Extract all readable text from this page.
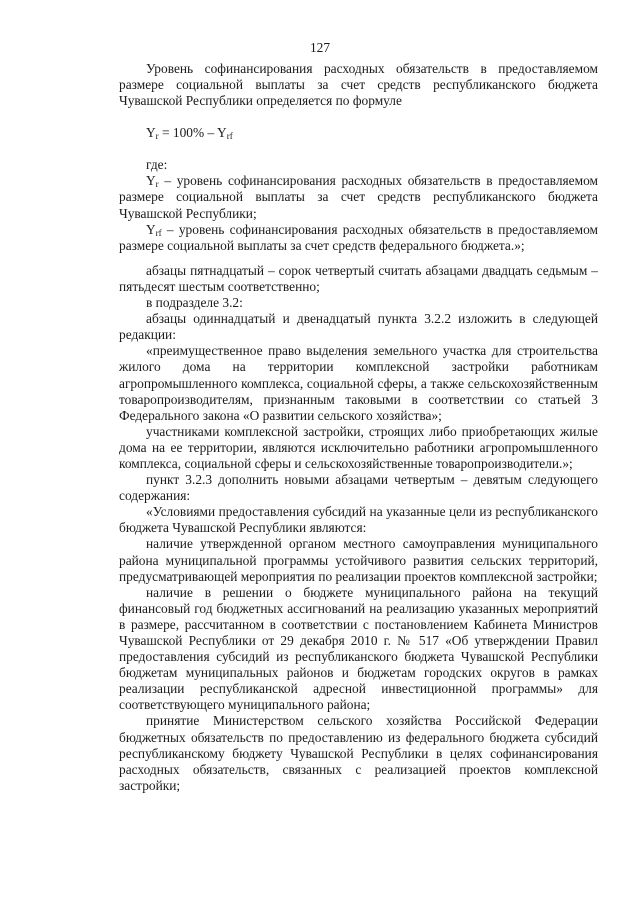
127

Уровень софинансирования расходных обязательств в предоставляемом размере социальной выплаты за счет средств республиканского бюджета Чувашской Республики определяется по формуле

$Y_r = 100\% - Y_{rf}$

где:

$Y_r$ – уровень софинансирования расходных обязательств в предоставляемом размере социальной выплаты за счет средств республиканского бюджета Чувашской Республики;

$Y_{rf}$ – уровень софинансирования расходных обязательств в предоставляемом размере социальной выплаты за счет средств федерального бюджета.»;

абзацы пятнадцатый – сорок четвертый считать абзацами двадцать седьмым – пятьдесят шестым соответственно;

в подразделе 3.2:

абзацы одиннадцатый и двенадцатый пункта 3.2.2 изложить в следующей редакции:

«преимущественное право выделения земельного участка для строительства жилого дома на территории комплексной застройки работникам агропромышленного комплекса, социальной сферы, а также сельскохозяйственным товаропроизводителям, признанным таковыми в соответствии со статьей 3 Федерального закона «О развитии сельского хозяйства»;

участниками комплексной застройки, строящих либо приобретающих жилые дома на ее территории, являются исключительно работники агропромышленного комплекса, социальной сферы и сельскохозяйственные товаропроизводители.»;

пункт 3.2.3 дополнить новыми абзацами четвертым – девятым следующего содержания:

«Условиями предоставления субсидий на указанные цели из республиканского бюджета Чувашской Республики являются:

наличие утвержденной органом местного самоуправления муниципального района муниципальной программы устойчивого развития сельских территорий, предусматривающей мероприятия по реализации проектов комплексной застройки;

наличие в решении о бюджете муниципального района на текущий финансовый год бюджетных ассигнований на реализацию указанных мероприятий в размере, рассчитанном в соответствии с постановлением Кабинета Министров Чувашской Республики от 29 декабря 2010 г. № 517 «Об утверждении Правил предоставления субсидий из республиканского бюджета Чувашской Республики бюджетам муниципальных районов и бюджетам городских округов в рамках реализации республиканской адресной инвестиционной программы» для соответствующего муниципального района;

принятие Министерством сельского хозяйства Российской Федерации бюджетных обязательств по предоставлению из федерального бюджета субсидий республиканскому бюджету Чувашской Республики в целях софинансирования расходных обязательств, связанных с реализацией проектов комплексной застройки;
